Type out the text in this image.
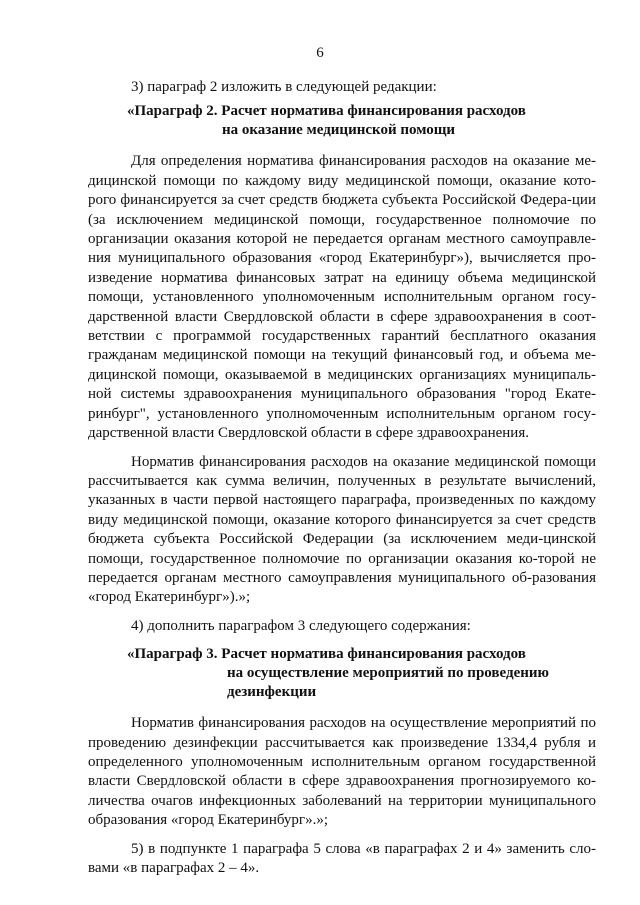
6

3) параграф 2 изложить в следующей редакции:

«Параграф 2. Расчет норматива финансирования расходов
на оказание медицинской помощи

Для определения норматива финансирования расходов на оказание ме-дицинской помощи по каждому виду медицинской помощи, оказание кото-рого финансируется за счет средств бюджета субъекта Российской Федера-ции (за исключением медицинской помощи, государственное полномочие по организации оказания которой не передается органам местного самоуправле-ния муниципального образования «город Екатеринбург»), вычисляется про-изведение норматива финансовых затрат на единицу объема медицинской помощи, установленного уполномоченным исполнительным органом госу-дарственной власти Свердловской области в сфере здравоохранения в соот-ветствии с программой государственных гарантий бесплатного оказания гражданам медицинской помощи на текущий финансовый год, и объема ме-дицинской помощи, оказываемой в медицинских организациях муниципаль-ной системы здравоохранения муниципального образования "город Екате-ринбург", установленного уполномоченным исполнительным органом госу-дарственной власти Свердловской области в сфере здравоохранения.

Норматив финансирования расходов на оказание медицинской помощи рассчитывается как сумма величин, полученных в результате вычислений, указанных в части первой настоящего параграфа, произведенных по каждому виду медицинской помощи, оказание которого финансируется за счет средств бюджета субъекта Российской Федерации (за исключением меди-цинской помощи, государственное полномочие по организации оказания ко-торой не передается органам местного самоуправления муниципального об-разования «город Екатеринбург»).»;

4) дополнить параграфом 3 следующего содержания:

«Параграф 3. Расчет норматива финансирования расходов
на осуществление мероприятий по проведению
дезинфекции

Норматив финансирования расходов на осуществление мероприятий по проведению дезинфекции рассчитывается как произведение 1334,4 рубля и определенного уполномоченным исполнительным органом государственной власти Свердловской области в сфере здравоохранения прогнозируемого ко-личества очагов инфекционных заболеваний на территории муниципального образования «город Екатеринбург».»;

5) в подпункте 1 параграфа 5 слова «в параграфах 2 и 4» заменить сло-вами «в параграфах 2 – 4».
